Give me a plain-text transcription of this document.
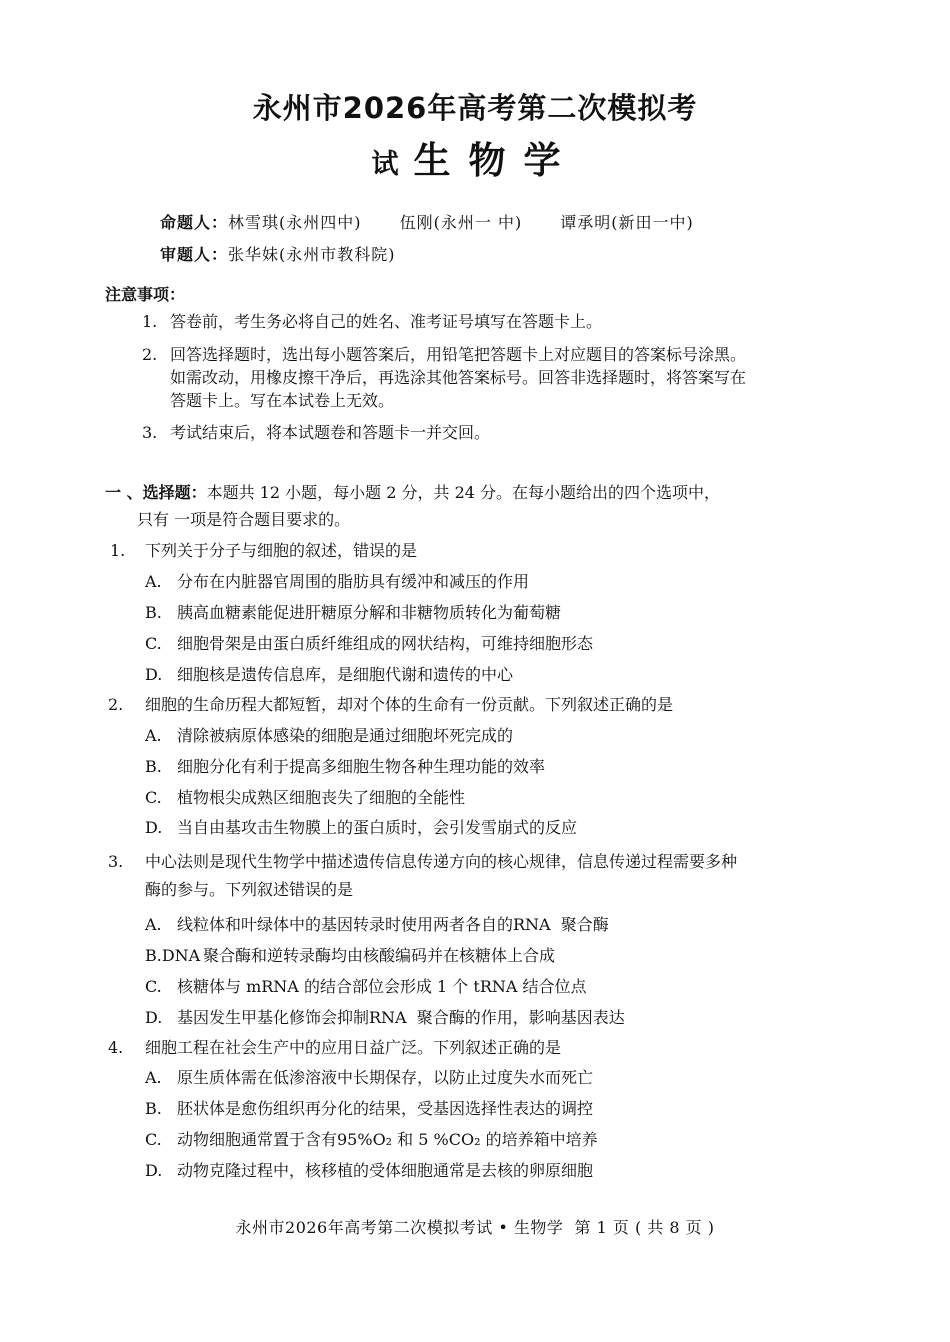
永州市2026年高考第二次模拟考
试 生物学
命题人：林雪琪(永州四中) 伍刚(永州一 中) 谭承明(新田一中)
审题人：张华妹(永州市教科院)
注意事项：
1. 答卷前，考生务必将自己的姓名、准考证号填写在答题卡上。
2. 回答选择题时，选出每小题答案后，用铅笔把答题卡上对应题目的答案标号涂黑。
如需改动，用橡皮擦干净后，再选涂其他答案标号。回答非选择题时，将答案写在
答题卡上。写在本试卷上无效。
3. 考试结束后，将本试题卷和答题卡一并交回。
一 、选择题：本题共 12 小题，每小题 2 分，共 24 分。在每小题给出的四个选项中，
只有 一项是符合题目要求的。
1. 下列关于分子与细胞的叙述，错误的是
A. 分布在内脏器官周围的脂肪具有缓冲和减压的作用
B. 胰高血糖素能促进肝糖原分解和非糖物质转化为葡萄糖
C. 细胞骨架是由蛋白质纤维组成的网状结构，可维持细胞形态
D. 细胞核是遗传信息库，是细胞代谢和遗传的中心
2. 细胞的生命历程大都短暂，却对个体的生命有一份贡献。下列叙述正确的是
A. 清除被病原体感染的细胞是通过细胞坏死完成的
B. 细胞分化有利于提高多细胞生物各种生理功能的效率
C. 植物根尖成熟区细胞丧失了细胞的全能性
D. 当自由基攻击生物膜上的蛋白质时，会引发雪崩式的反应
3. 中心法则是现代生物学中描述遗传信息传递方向的核心规律，信息传递过程需要多种
酶的参与。下列叙述错误的是
A. 线粒体和叶绿体中的基因转录时使用两者各自的RNA  聚合酶
B.DNA 聚合酶和逆转录酶均由核酸编码并在核糖体上合成
C. 核糖体与 mRNA 的结合部位会形成 1 个 tRNA 结合位点
D. 基因发生甲基化修饰会抑制RNA  聚合酶的作用，影响基因表达
4. 细胞工程在社会生产中的应用日益广泛。下列叙述正确的是
A. 原生质体需在低渗溶液中长期保存，以防止过度失水而死亡
B. 胚状体是愈伤组织再分化的结果，受基因选择性表达的调控
C. 动物细胞通常置于含有95%O₂ 和 5 %CO₂ 的培养箱中培养
D. 动物克隆过程中，核移植的受体细胞通常是去核的卵原细胞
永州市2026年高考第二次模拟考试 • 生物学  第 1 页 ( 共 8 页 )
